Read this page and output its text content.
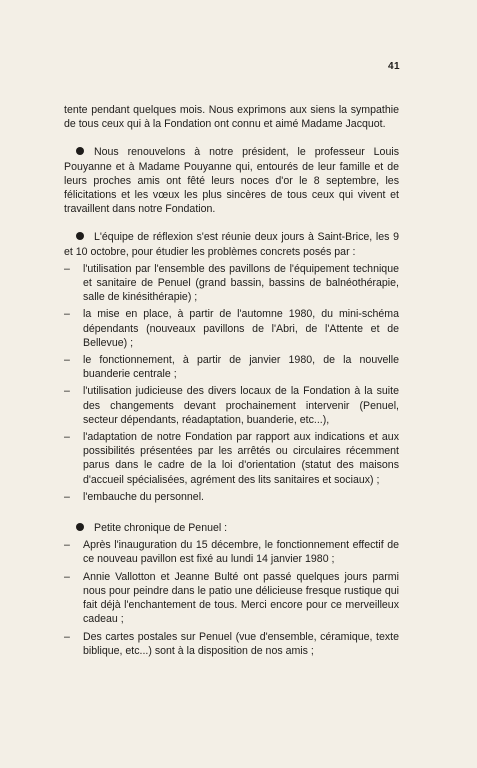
41

tente pendant quelques mois. Nous exprimons aux siens la sympathie de tous ceux qui à la Fondation ont connu et aimé Madame Jacquot.

Nous renouvelons à notre président, le professeur Louis Pouyanne et à Madame Pouyanne qui, entourés de leur famille et de leurs proches amis ont fêté leurs noces d'or le 8 septembre, les félicitations et les vœux les plus sincères de tous ceux qui vivent et travaillent dans notre Fondation.

L'équipe de réflexion s'est réunie deux jours à Saint-Brice, les 9 et 10 octobre, pour étudier les problèmes concrets posés par :

– l'utilisation par l'ensemble des pavillons de l'équipement technique et sanitaire de Penuel (grand bassin, bassins de balnéothérapie, salle de kinésithérapie) ;
– la mise en place, à partir de l'automne 1980, du mini-schéma dépendants (nouveaux pavillons de l'Abri, de l'Attente et de Bellevue) ;
– le fonctionnement, à partir de janvier 1980, de la nouvelle buanderie centrale ;
– l'utilisation judicieuse des divers locaux de la Fondation à la suite des changements devant prochainement intervenir (Penuel, secteur dépendants, réadaptation, buanderie, etc...),
– l'adaptation de notre Fondation par rapport aux indications et aux possibilités présentées par les arrêtés ou circulaires récemment parus dans le cadre de la loi d'orientation (statut des maisons d'accueil spécialisées, agrément des lits sanitaires et sociaux) ;
– l'embauche du personnel.

Petite chronique de Penuel :

– Après l'inauguration du 15 décembre, le fonctionnement effectif de ce nouveau pavillon est fixé au lundi 14 janvier 1980 ;
– Annie Vallotton et Jeanne Bulté ont passé quelques jours parmi nous pour peindre dans le patio une délicieuse fresque rustique qui fait déjà l'enchantement de tous. Merci encore pour ce merveilleux cadeau ;
– Des cartes postales sur Penuel (vue d'ensemble, céramique, texte biblique, etc...) sont à la disposition de nos amis ;
